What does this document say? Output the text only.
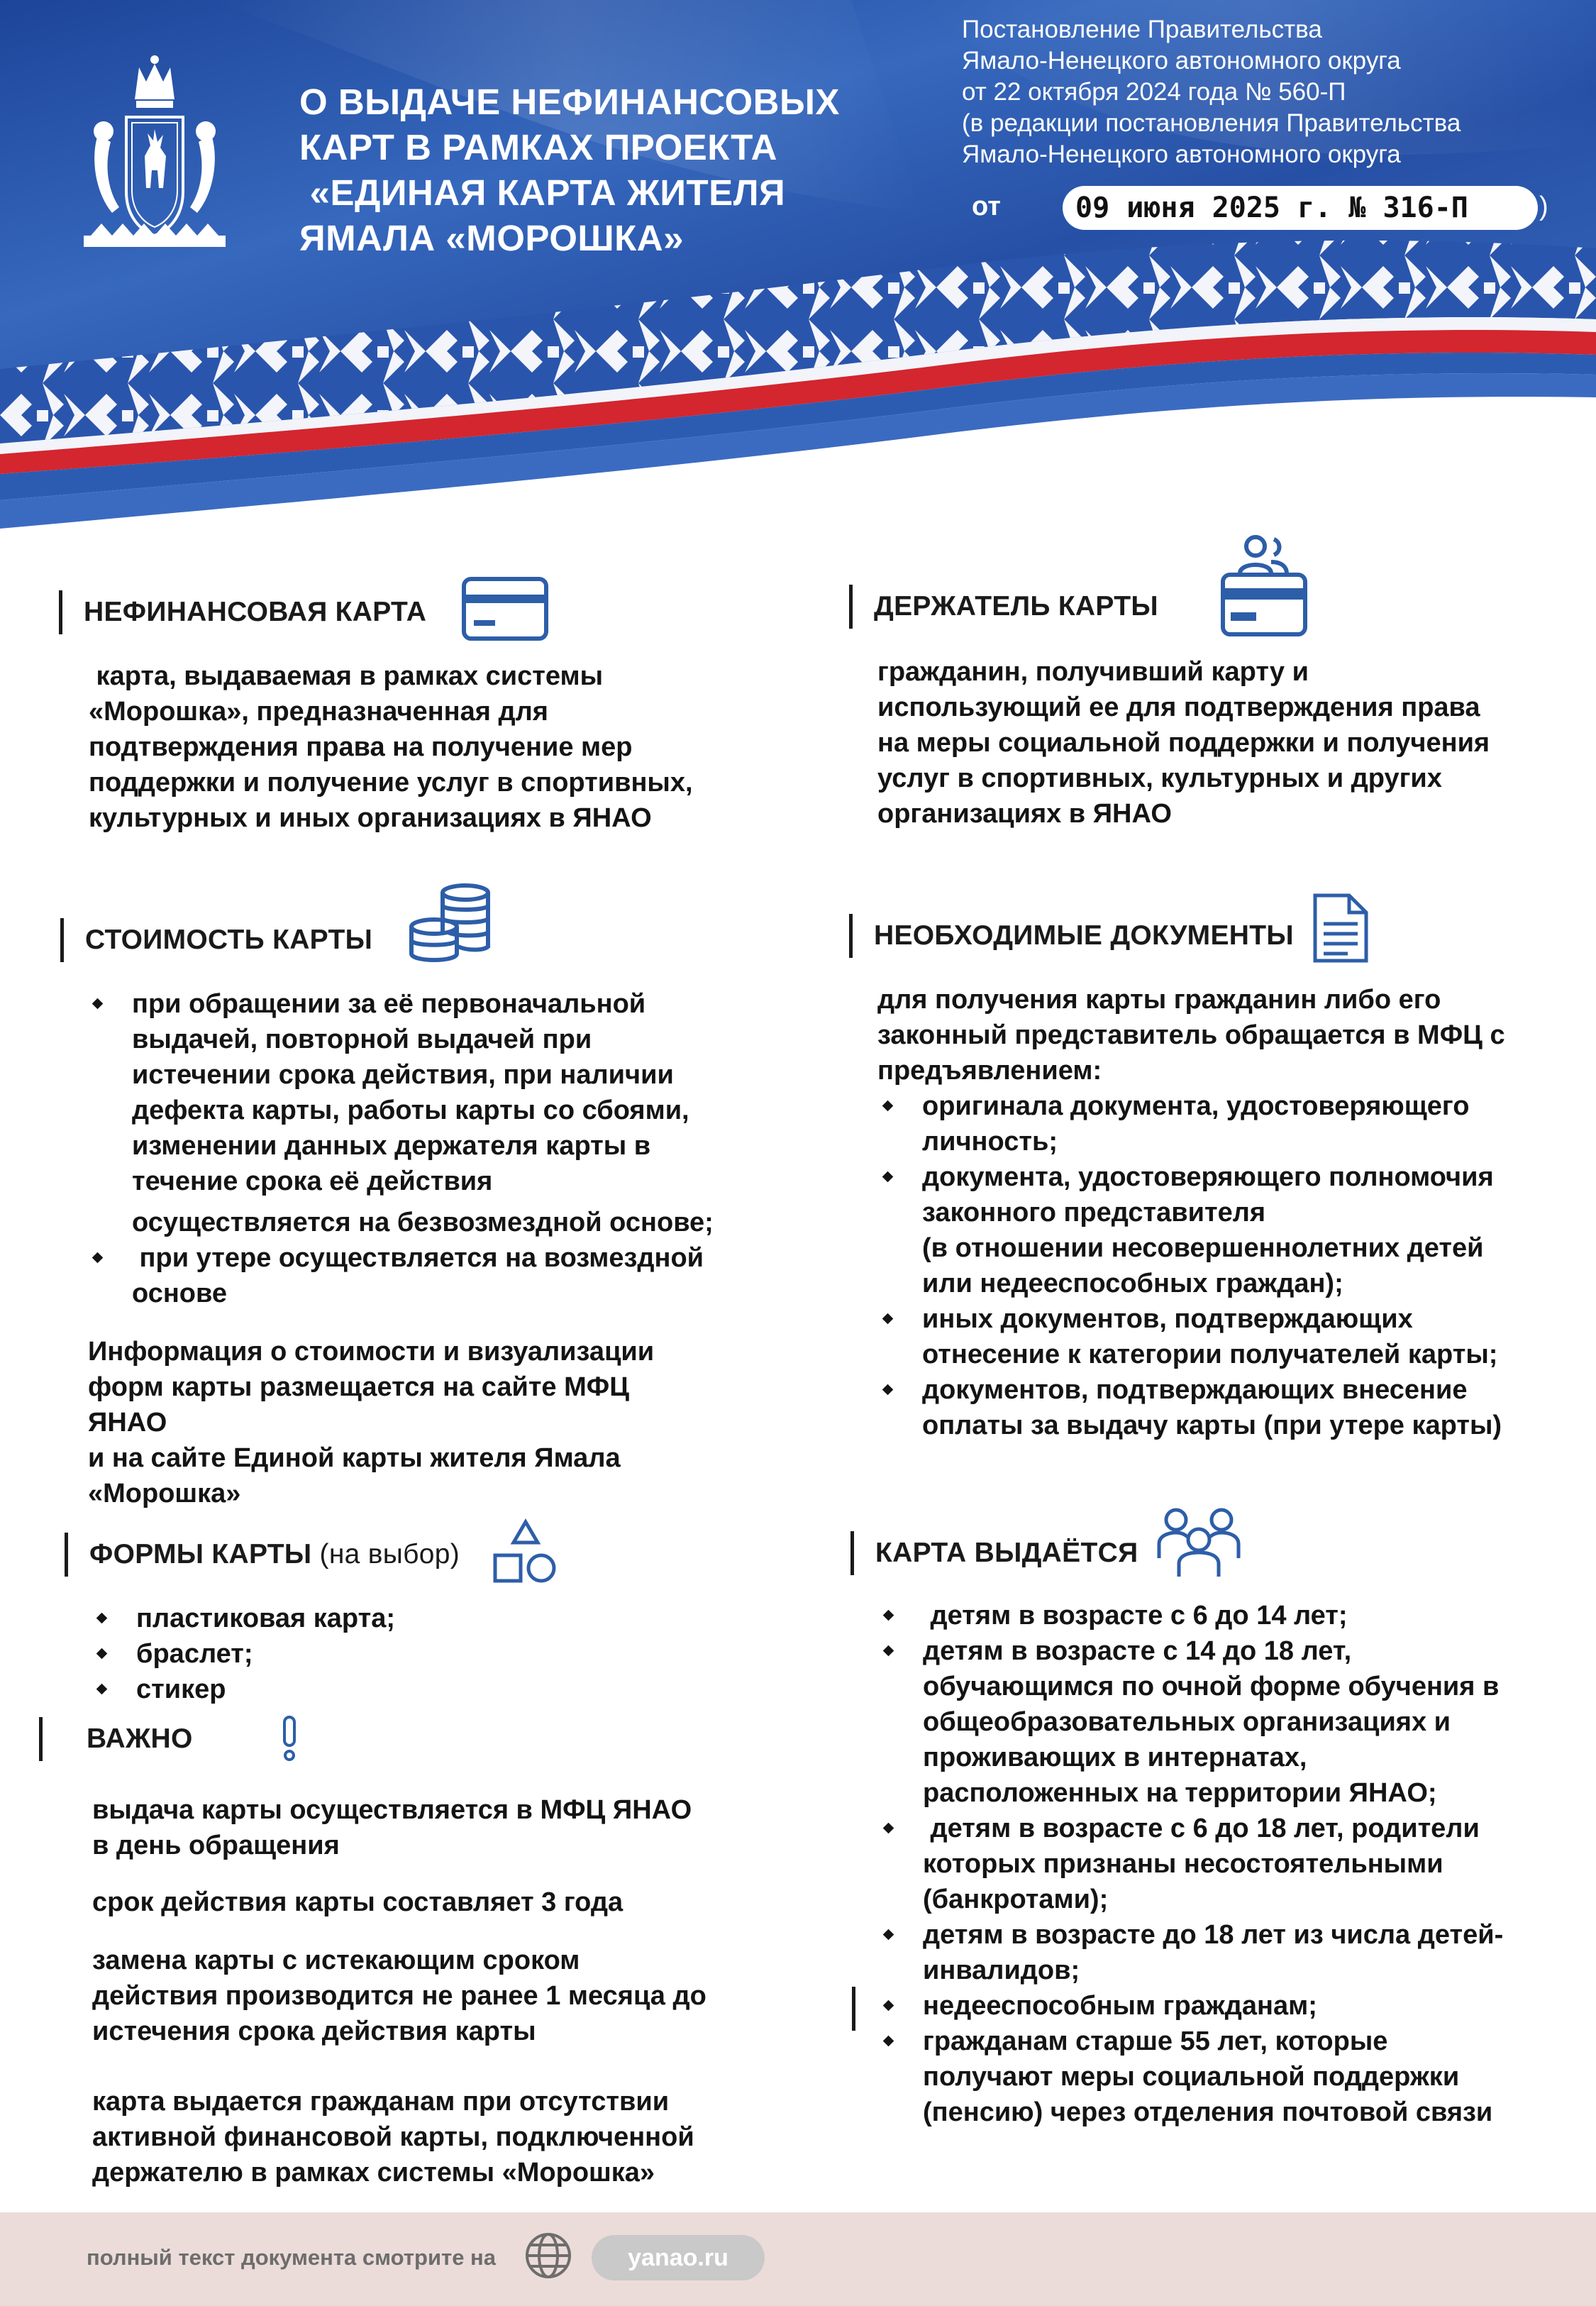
О ВЫДАЧЕ НЕФИНАНСОВЫХ
КАРТ В РАМКАХ ПРОЕКТА
«ЕДИНАЯ КАРТА ЖИТЕЛЯ
ЯМАЛА «МОРОШКА»
Постановление Правительства
Ямало-Ненецкого автономного округа
от 22 октября 2024 года № 560-П
(в редакции постановления Правительства
Ямало-Ненецкого автономного округа
от	09 июня 2025 г. № 316-П	)
НЕФИНАНСОВАЯ КАРТА
карта, выдаваемая в рамках системы
«Морошка», предназначенная для
подтверждения права на получение мер
поддержки и получение услуг в спортивных,
культурных и иных организациях в ЯНАО
СТОИМОСТЬ КАРТЫ
при обращении за её первоначальной
выдачей, повторной выдачей при
истечении срока действия, при наличии
дефекта карты, работы карты со сбоями,
изменении данных держателя карты в
течение срока её действия
осуществляется на безвозмездной основе;
при утере осуществляется на возмездной
основе
Информация о стоимости и визуализации
форм карты размещается на сайте МФЦ
ЯНАО
и на сайте Единой карты жителя Ямала
«Морошка»
ФОРМЫ КАРТЫ (на выбор)
пластиковая карта;
браслет;
стикер
ВАЖНО
выдача карты осуществляется в МФЦ ЯНАО
в день обращения
срок действия карты составляет 3 года
замена карты с истекающим сроком
действия производится не ранее 1 месяца до
истечения срока действия карты
карта выдается гражданам при отсутствии
активной финансовой карты, подключенной
держателю в рамках системы «Морошка»
ДЕРЖАТЕЛЬ КАРТЫ
гражданин, получивший карту и
использующий ее для подтверждения права
на меры социальной поддержки и получения
услуг в спортивных, культурных и других
организациях в ЯНАО
НЕОБХОДИМЫЕ ДОКУМЕНТЫ
для получения карты гражданин либо его
законный представитель обращается в МФЦ с
предъявлением:
оригинала документа, удостоверяющего
личность;
документа, удостоверяющего полномочия
законного представителя
(в отношении несовершеннолетних детей
или недееспособных граждан);
иных документов, подтверждающих
отнесение к категории получателей карты;
документов, подтверждающих внесение
оплаты за выдачу карты (при утере карты)
КАРТА ВЫДАЁТСЯ
детям в возрасте с 6 до 14 лет;
детям в возрасте с 14 до 18 лет,
обучающимся по очной форме обучения в
общеобразовательных организациях и
проживающих в интернатах,
расположенных на территории ЯНАО;
детям в возрасте с 6 до 18 лет, родители
которых признаны несостоятельными
(банкротами);
детям в возрасте до 18 лет из числа детей-
инвалидов;
недееспособным гражданам;
гражданам старше 55 лет, которые
получают меры социальной поддержки
(пенсию) через отделения почтовой связи
полный текст документа смотрите на	yanao.ru
